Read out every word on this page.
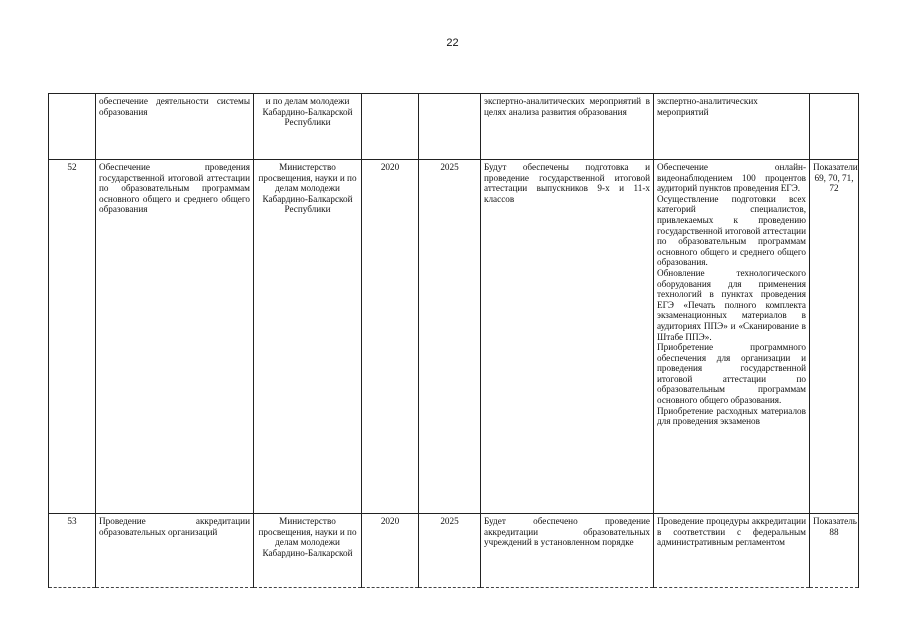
22
	обеспечение деятельности системы образования	и по делам молодежи Кабардино-Балкарской Республики			экспертно-аналитических мероприятий в целях анализа развития образования	экспертно-аналитических мероприятий	

52	Обеспечение проведения государственной итоговой аттестации по образовательным программам основного общего и среднего общего образования	Министерство просвещения, науки и по делам молодежи Кабардино-Балкарской Республики	2020	2025	Будут обеспечены подготовка и проведение государственной итоговой аттестации выпускников 9-х и 11-х классов	Обеспечение онлайн-видеонаблюдением 100 процентов аудиторий пунктов проведения ЕГЭ.
Осуществление подготовки всех категорий специалистов, привлекаемых к проведению государственной итоговой аттестации по образовательным программам основного общего и среднего общего образования.
Обновление технологического оборудования для применения технологий в пунктах проведения ЕГЭ «Печать полного комплекта экзаменационных материалов в аудиториях ППЭ» и «Сканирование в Штабе ППЭ».
Приобретение программного обеспечения для организации и проведения государственной итоговой аттестации по образовательным программам основного общего образования.
Приобретение расходных материалов для проведения экзаменов	Показатели 69, 70, 71, 72
53	Проведение аккредитации образовательных организаций	Министерство просвещения, науки и по делам молодежи Кабардино-Балкарской	2020	2025	Будет обеспечено проведение аккредитации образовательных учреждений в установленном порядке	Проведение процедуры аккредитации в соответствии с федеральным административным регламентом	Показатель 88
